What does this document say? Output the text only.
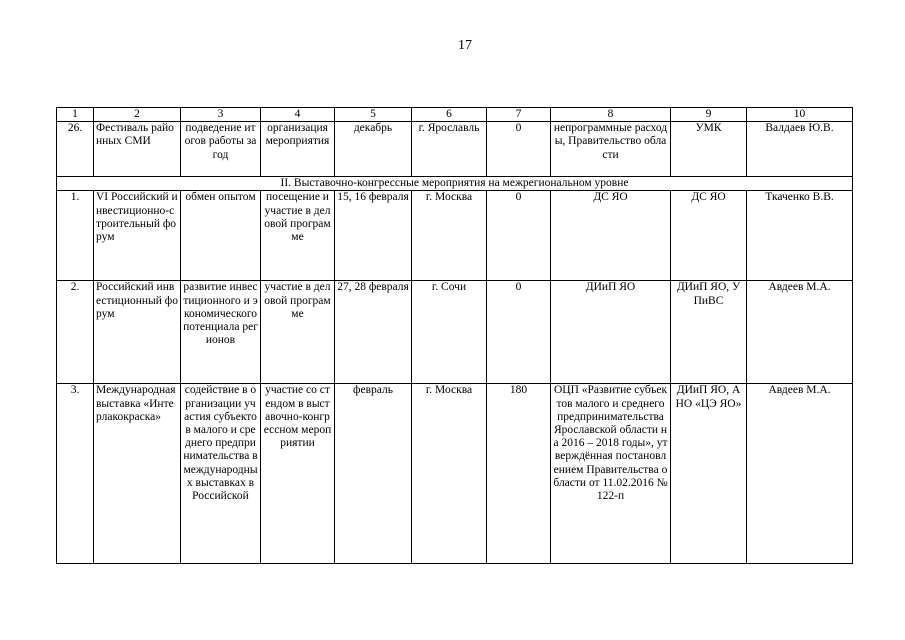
17
1	2	3	4	5	6	7	8	9	10
26.	Фестиваль районных СМИ	подведение итогов работы за год	организация мероприятия	декабрь	г. Ярославль	0	непрограммные расходы, Правительство области	УМК	Валдаев Ю.В.
II. Выставочно-конгрессные мероприятия на межрегиональном уровне									
1.	VI Российский инвестиционно-строительный форум	обмен опытом	посещение и участие в деловой программе	15, 16 февраля	г. Москва	0	ДС ЯО	ДС ЯО	Ткаченко В.В.
2.	Российский инвестиционный форум	развитие инвестиционного и экономического потенциала регионов	участие в деловой программе	27, 28 февраля	г. Сочи	0	ДИиП ЯО	ДИиП ЯО, УПиВС	Авдеев М.А.
3.	Международная выставка «Интерлакокраска»	содействие в организации участия субъектов малого и среднего предпринимательства в международных выставках в Российской	участие со стендом в выставочно-конгрессном мероприятии	февраль	г. Москва	180	ОЦП «Развитие субъектов малого и среднего предпринимательства Ярославской области на 2016 – 2018 годы», утверждённая постановлением Правительства области от 11.02.2016 № 122-п	ДИиП ЯО, АНО «ЦЭ ЯО»	Авдеев М.А.
